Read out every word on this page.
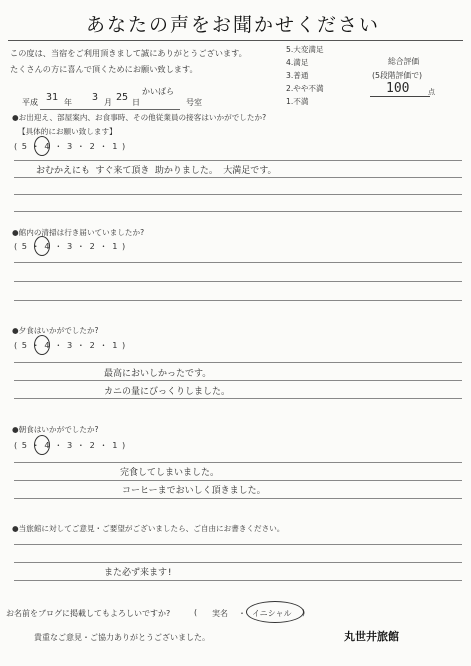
あなたの声をお聞かせください
この度は、当宿をご利用頂きまして誠にありがとうございます。
たくさんの方に喜んで頂くためにお願い致します。
5.大変満足
4.満足
3.普通
2.やや不満
1.不満
総合評価
(5段階評価で)
100	点
平成 31 年 3 月 25 日
かいばら
号室
●お出迎え、部屋案内、お食事時、その他従業員の接客はいかがでしたか?
【具体的にお願い致します】
( 5 ・ 4 ・ 3 ・ 2 ・ 1 )
おむかえにも すぐ来て頂き 助かりました。 大満足です。
●館内の清掃は行き届いていましたか?
( 5 ・ 4 ・ 3 ・ 2 ・ 1 )
●夕食はいかがでしたか?
( 5 ・ 4 ・ 3 ・ 2 ・ 1 )
最高においしかったです。
カニの量にびっくりしました。
●朝食はいかがでしたか?
( 5 ・ 4 ・ 3 ・ 2 ・ 1 )
完食してしまいました。
コーヒーまでおいしく頂きました。
●当旅館に対してご意見・ご要望がございましたら、ご自由にお書きください。
また必ず来ます!
お名前をブログに掲載してもよろしいですか?	( 実名 ・ イニシャル )
貴重なご意見・ご協力ありがとうございました。	丸世井旅館
